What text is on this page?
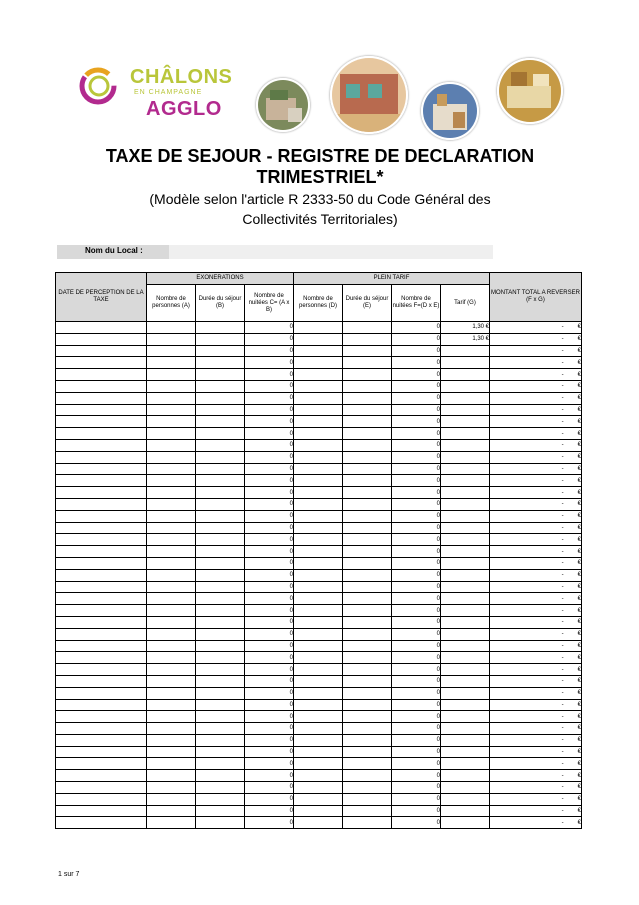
CHÂLONS
EN CHAMPAGNE
AGGLO
TAXE DE SEJOUR - REGISTRE DE DECLARATION
TRIMESTRIEL*
(Modèle selon l'article R 2333-50 du Code Général des
Collectivités Territoriales)
Nom du Local :
DATE DE PERCEPTION DE LA TAXE	EXONERATIONS			PLEIN TARIF				MONTANT TOTAL A REVERSER (F x G)
	Nombre de personnes (A)	Durée du séjour (B)	Nombre de nuitées C= (A x B)	Nombre de personnes (D)	Durée du séjour (E)	Nombre de nuitées F=(D x E)	Tarif (G)	
			0			0	1,30 €	- €
			0			0	1,30 €	- €
			0			0		- €
			0			0		- €
			0			0		- €
			0			0		- €
			0			0		- €
			0			0		- €
			0			0		- €
			0			0		- €
			0			0		- €
			0			0		- €
			0			0		- €
			0			0		- €
			0			0		- €
			0			0		- €
			0			0		- €
			0			0		- €
			0			0		- €
			0			0		- €
			0			0		- €
			0			0		- €
			0			0		- €
			0			0		- €
			0			0		- €
			0			0		- €
			0			0		- €
			0			0		- €
			0			0		- €
			0			0		- €
			0			0		- €
			0			0		- €
			0			0		- €
			0			0		- €
			0			0		- €
			0			0		- €
			0			0		- €
			0			0		- €
			0			0		- €
			0			0		- €
			0			0		- €
			0			0		- €
			0			0		- €
1 sur 7
